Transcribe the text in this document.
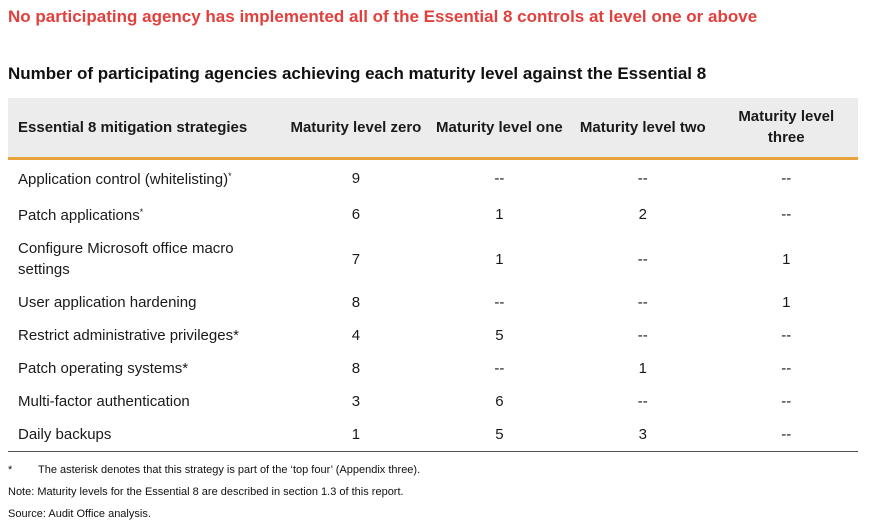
No participating agency has implemented all of the Essential 8 controls at level one or above
Number of participating agencies achieving each maturity level against the Essential 8
Essential 8 mitigation strategies	Maturity level zero	Maturity level one	Maturity level two	Maturity level three

Application control (whitelisting)*	9	--	--	--
Patch applications*	6	1	2	--
Configure Microsoft office macro settings	7	1	--	1
User application hardening	8	--	--	1
Restrict administrative privileges*	4	5	--	--
Patch operating systems*	8	--	1	--
Multi-factor authentication	3	6	--	--
Daily backups	1	5	3	--
* The asterisk denotes that this strategy is part of the ‘top four’ (Appendix three).
Note: Maturity levels for the Essential 8 are described in section 1.3 of this report.
Source: Audit Office analysis.
